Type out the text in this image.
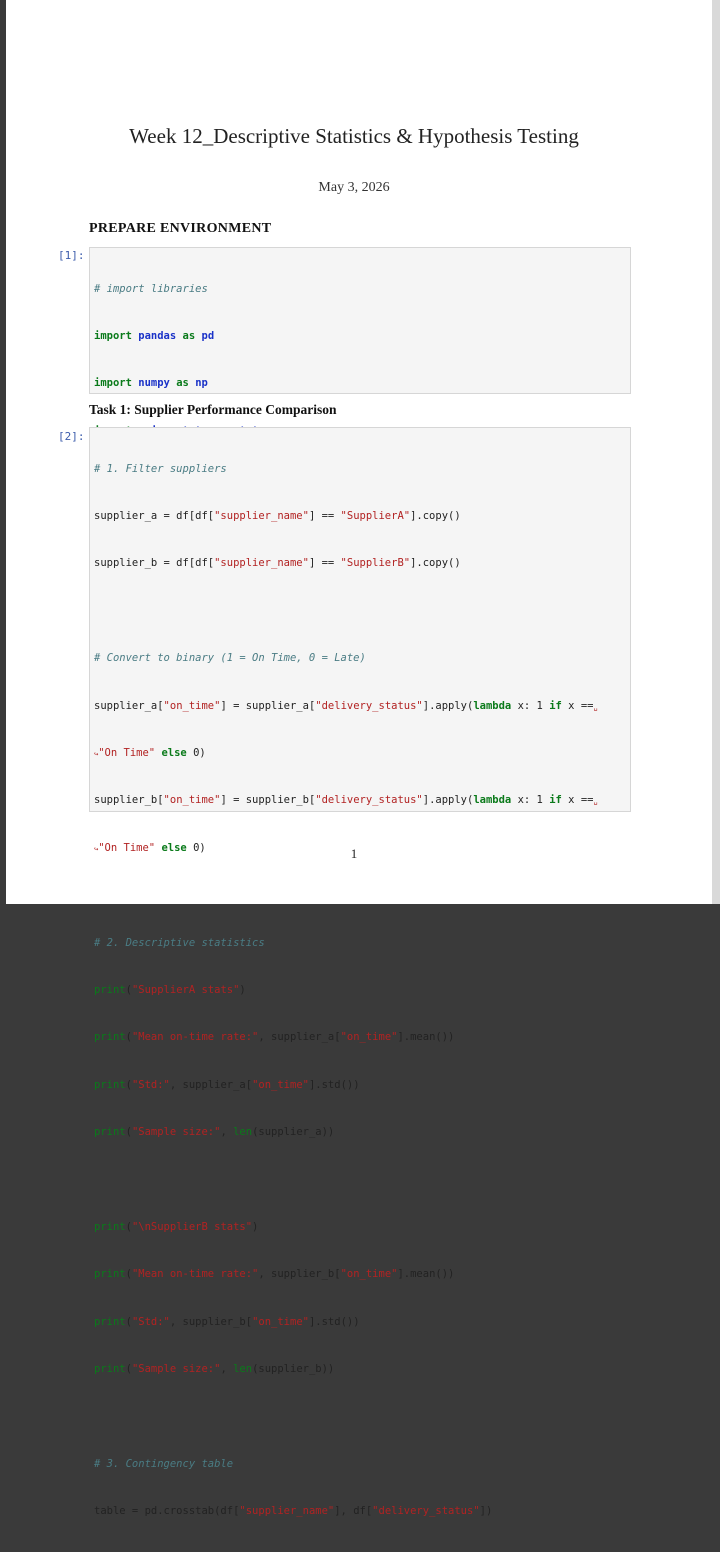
Week 12_Descriptive Statistics & Hypothesis Testing
May 3, 2026
PREPARE ENVIRONMENT
[1]:

# import libraries

import pandas as pd

import numpy as np

Task 1: Supplier Performance Comparison
[2]:

# 1. Filter suppliers

supplier_a = df[df["supplier_name"] == "SupplierA"].copy()

supplier_b = df[df["supplier_name"] == "SupplierB"].copy()

# Convert to binary (1 = On Time, 0 = Late)

supplier_a["on_time"] = supplier_a["delivery_status"].apply(lambda x: 1 if x ==␣

↪"On Time" else 0)

supplier_b["on_time"] = supplier_b["delivery_status"].apply(lambda x: 1 if x ==␣

↪"On Time" else 0)

# 2. Descriptive statistics

print("SupplierA stats")

print("Mean on-time rate:", supplier_a["on_time"].mean())

print("Std:", supplier_a["on_time"].std())

print("Sample size:", len(supplier_a))

print("\nSupplierB stats")

print("Mean on-time rate:", supplier_b["on_time"].mean())

print("Std:", supplier_b["on_time"].std())

print("Sample size:", len(supplier_b))

# 3. Contingency table

table = pd.crosstab(df["supplier_name"], df["delivery_status"])

1
